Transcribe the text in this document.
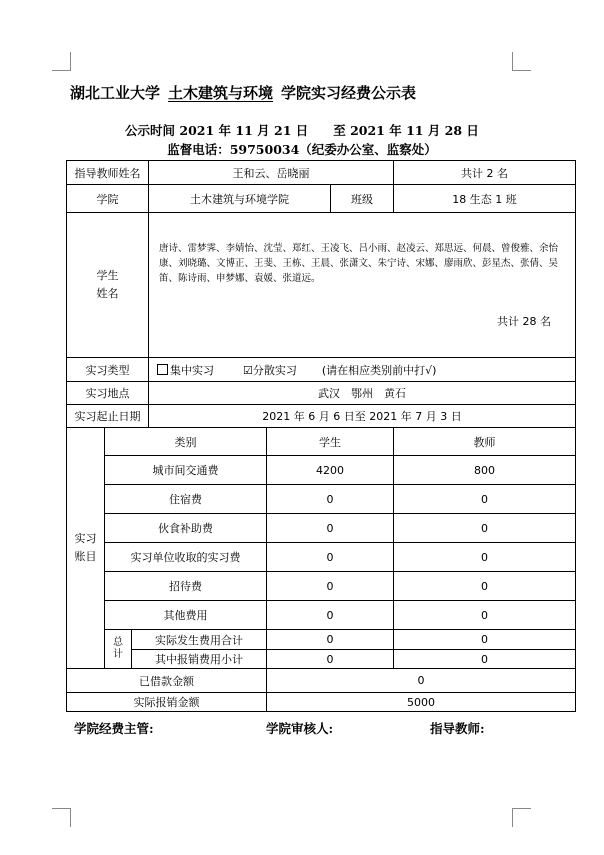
湖北工业大学 土木建筑与环境 学院实习经费公示表
公示时间 2021 年 11 月 21 日　　至 2021 年 11 月 28 日
监督电话：59750034（纪委办公室、监察处）
指导教师姓名			王和云、岳晓丽			共计 2 名
学院			土木建筑与环境学院		班级	18 生态 1 班
学生
姓名			唐诗、雷梦霁、李婧怡、沈莹、郑红、王凌飞、吕小雨、赵凌云、郑思远、何晨、曾俊雅、余怡康、刘晓璐、文博正、王斐、王栋、王晨、张潇文、朱宁诗、宋娜、廖雨欣、彭星杰、张倩、吴笛、陈诗雨、申梦娜、袁媛、张道远。
共计 28 名			

实习类型			集中实习 ☑分散实习 (请在相应类别前中打√)			
实习地点			武汉　鄂州　黄石			
实习起止日期			2021 年 6 月 6 日至 2021 年 7 月 3 日			
实习
账目	类别			学生		教师
	城市间交通费			4200		800
	住宿费			0		0
	伙食补助费			0		0
	实习单位收取的实习费			0		0
	招待费			0		0
	其他费用			0		0
	总
计	实际发生费用合计		0		0
		其中报销费用小计		0		0
已借款金额				0		
实际报销金额				5000		
学院经费主管:	学院审核人:	指导教师:
